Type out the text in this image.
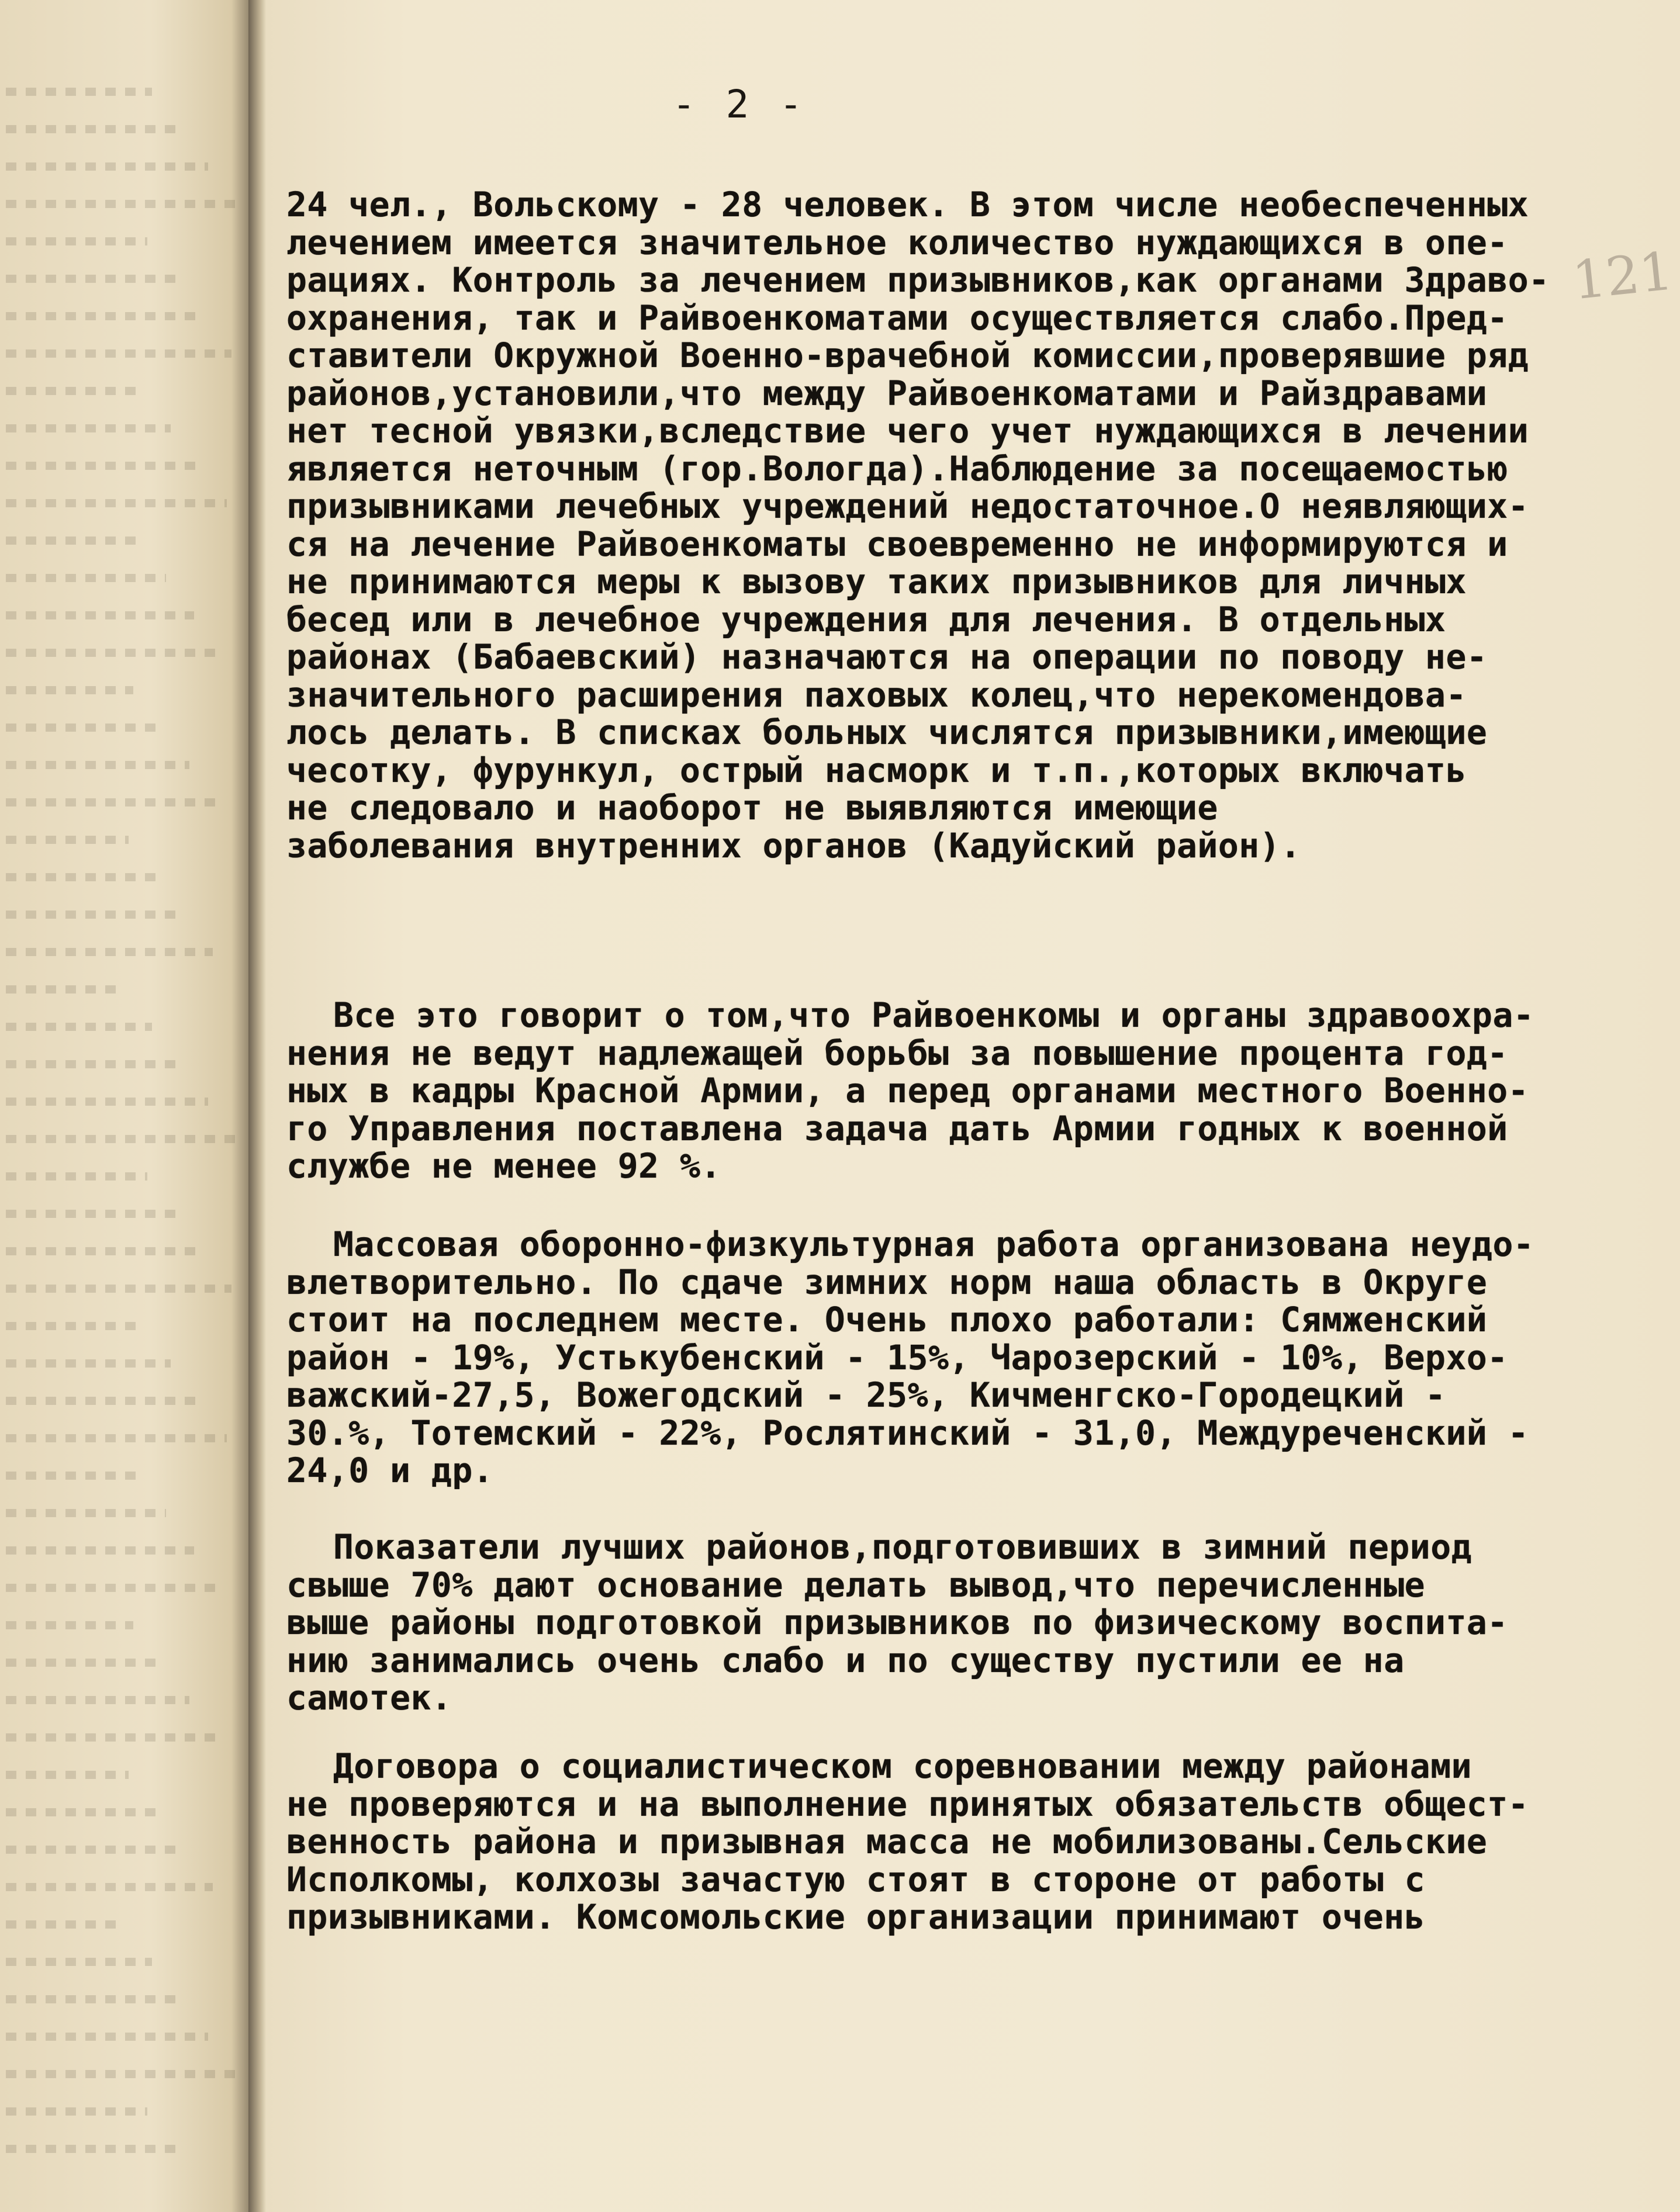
- 2 -
121
24 чел., Вольскому - 28 человек. В этом числе необеспеченных
лечением имеется значительное количество нуждающихся в опе-
рациях. Контроль за лечением призывников,как органами Здраво-
охранения, так и Райвоенкоматами осуществляется слабо.Пред-
ставители Окружной Военно-врачебной комиссии,проверявшие ряд
районов,установили,что между Райвоенкоматами и Райздравами
нет тесной увязки,вследствие чего учет нуждающихся в лечении
является неточным (гор.Вологда).Наблюдение за посещаемостью
призывниками лечебных учреждений недостаточное.О неявляющих-
ся на лечение Райвоенкоматы своевременно не информируются и
не принимаются меры к вызову таких призывников для личных
бесед или в лечебное учреждения для лечения. В отдельных
районах (Бабаевский) назначаются на операции по поводу не-
значительного расширения паховых колец,что нерекомендова-
лось делать. В списках больных числятся призывники,имеющие
чесотку, фурункул, острый насморк и т.п.,которых включать
не следовало и наоборот не выявляются имеющие
заболевания внутренних органов (Кадуйский район).
Все это говорит о том,что Райвоенкомы и органы здравоохра-
нения не ведут надлежащей борьбы за повышение процента год-
ных в кадры Красной Армии, а перед органами местного Военно-
го Управления поставлена задача дать Армии годных к военной
службе не менее 92 %.
Массовая оборонно-физкультурная работа организована неудо-
влетворительно. По сдаче зимних норм наша область в Округе
стоит на последнем месте. Очень плохо работали: Сямженский
район - 19%, Устькубенский - 15%, Чарозерский - 10%, Верхо-
важский-27,5, Вожегодский - 25%, Кичменгско-Городецкий -
30.%, Тотемский - 22%, Рослятинский - 31,0, Междуреченский -
24,0 и др.
Показатели лучших районов,подготовивших в зимний период
свыше 70% дают основание делать вывод,что перечисленные
выше районы подготовкой призывников по физическому воспита-
нию занимались очень слабо и по существу пустили ее на
самотек.
Договора о социалистическом соревновании между районами
не проверяются и на выполнение принятых обязательств общест-
венность района и призывная масса не мобилизованы.Сельские
Исполкомы, колхозы зачастую стоят в стороне от работы с
призывниками. Комсомольские организации принимают очень
